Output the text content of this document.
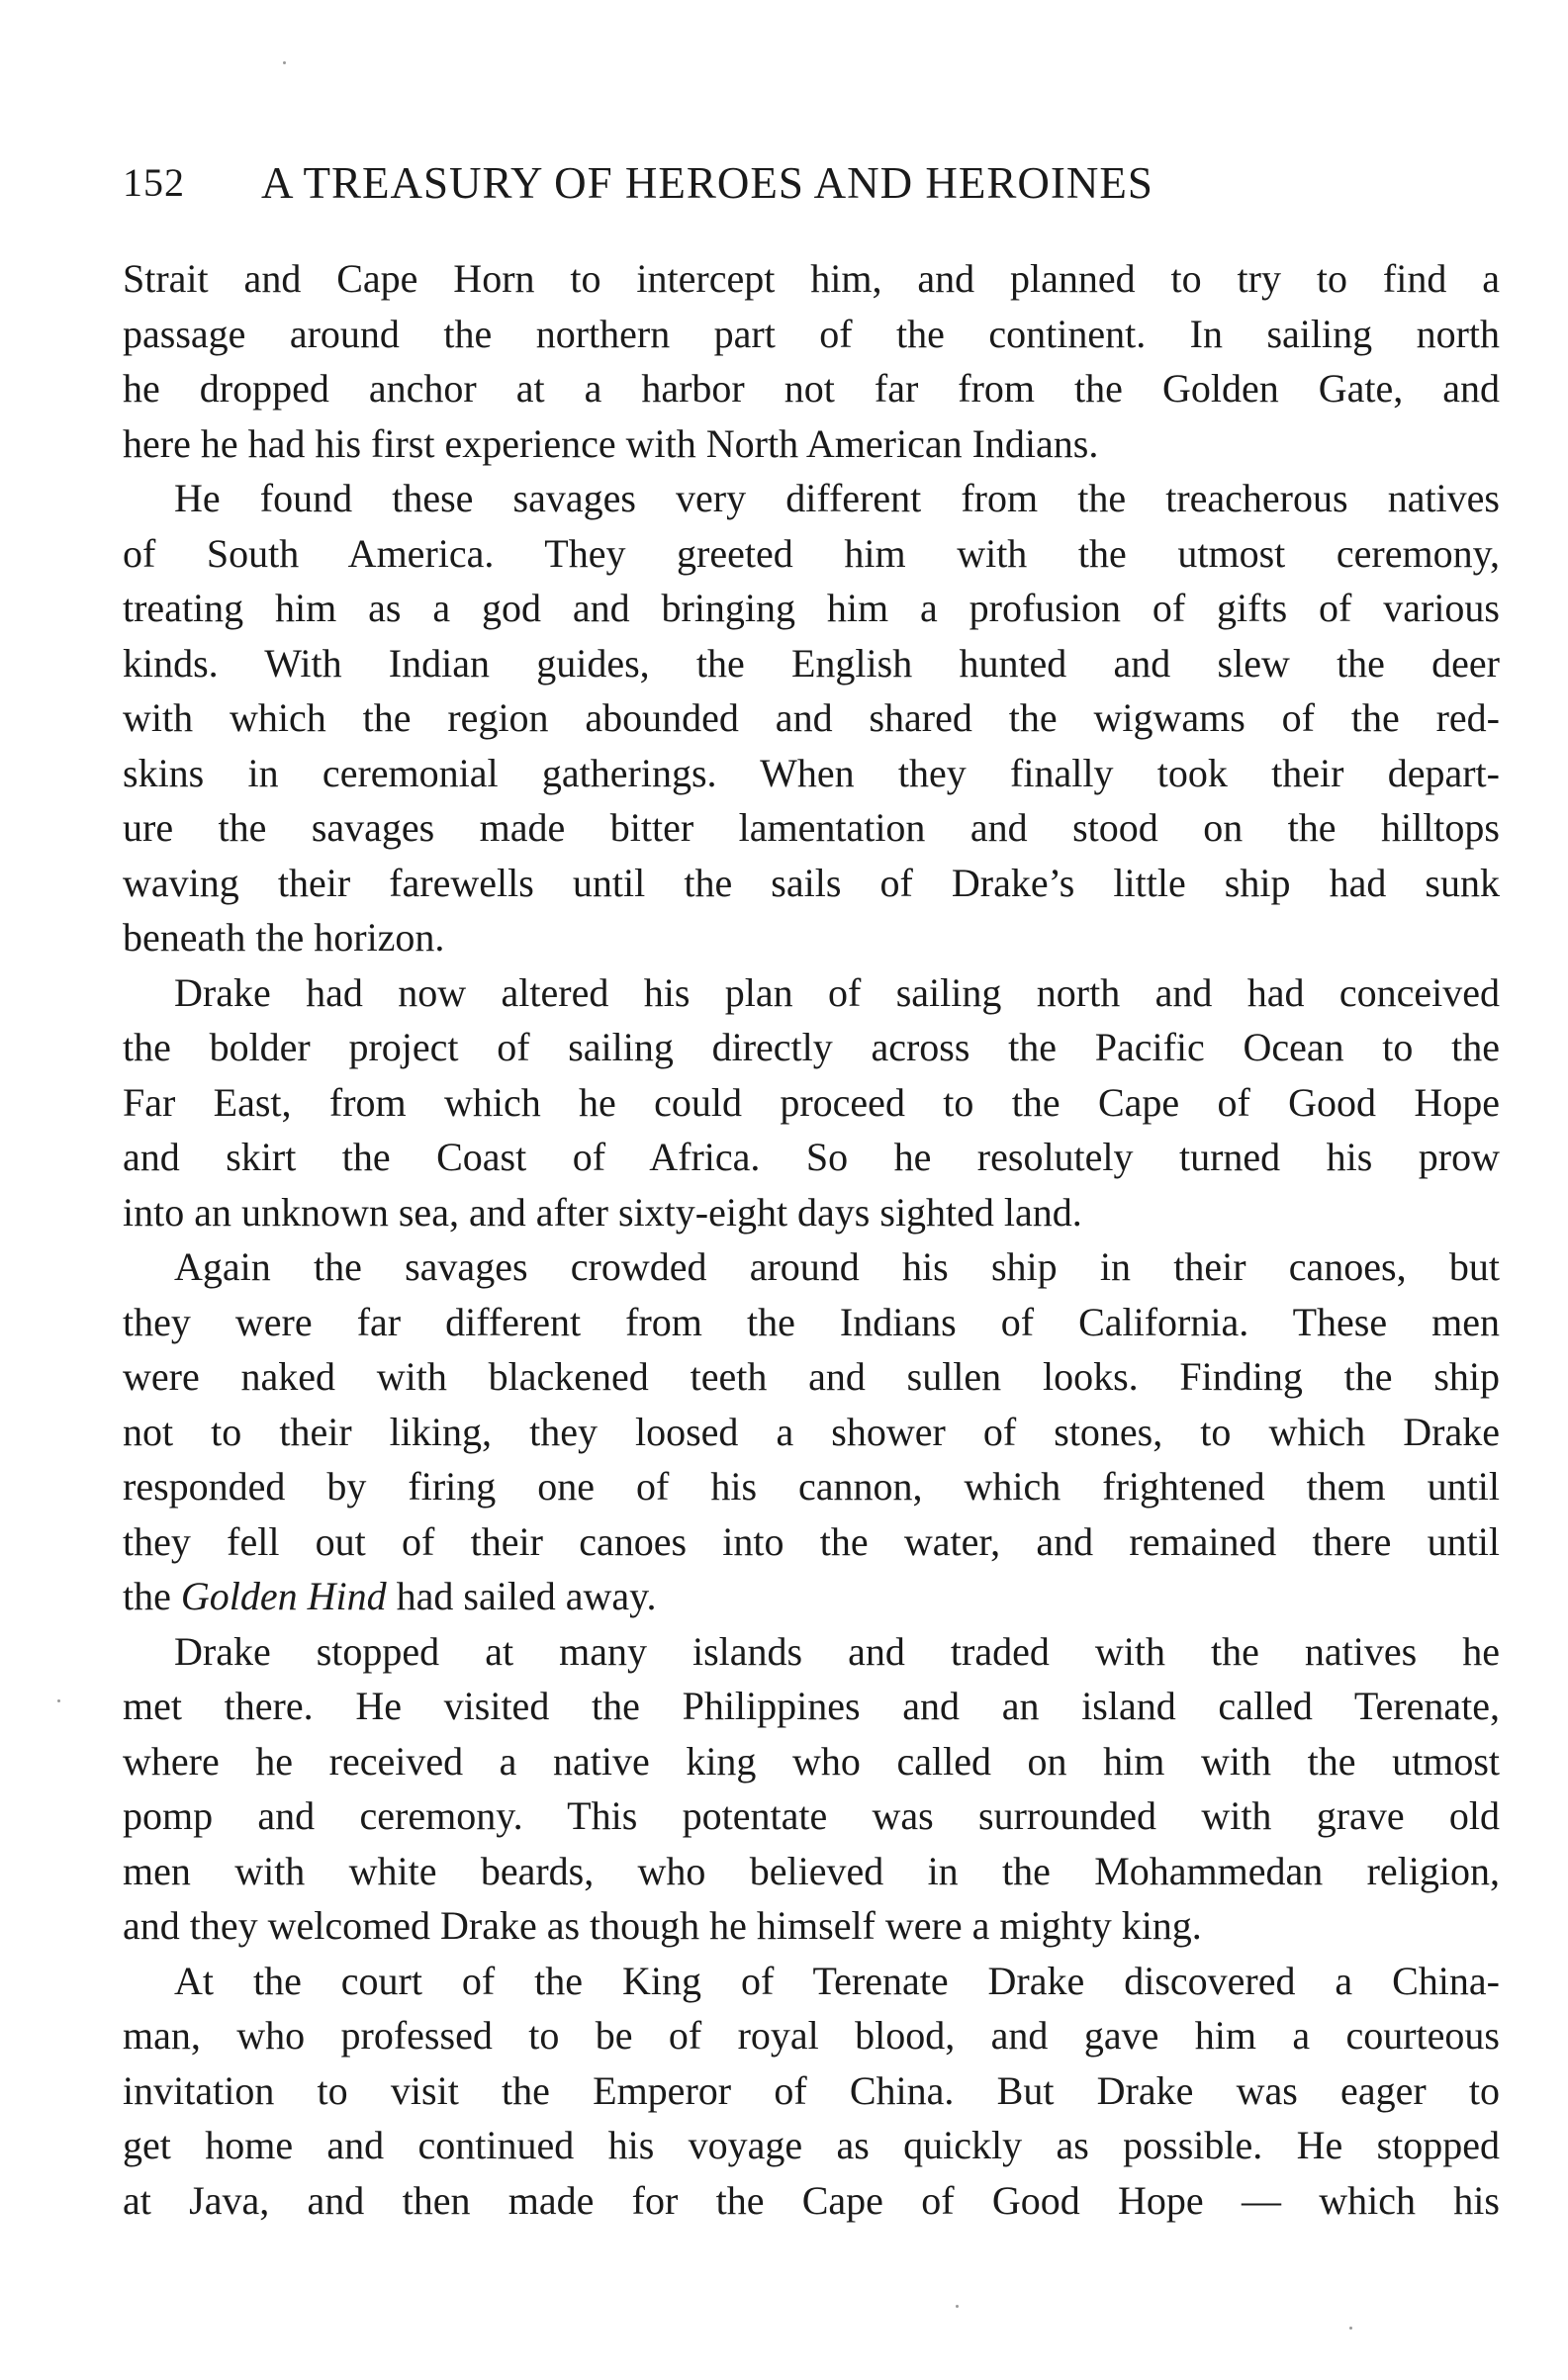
152 A TREASURY OF HEROES AND HEROINES

Strait and Cape Horn to intercept him, and planned to try to find a
passage around the northern part of the continent. In sailing north
he dropped anchor at a harbor not far from the Golden Gate, and
here he had his first experience with North American Indians.

He found these savages very different from the treacherous natives
of South America. They greeted him with the utmost ceremony,
treating him as a god and bringing him a profusion of gifts of various
kinds. With Indian guides, the English hunted and slew the deer
with which the region abounded and shared the wigwams of the red-
skins in ceremonial gatherings. When they finally took their depart-
ure the savages made bitter lamentation and stood on the hilltops
waving their farewells until the sails of Drake’s little ship had sunk
beneath the horizon.

Drake had now altered his plan of sailing north and had conceived
the bolder project of sailing directly across the Pacific Ocean to the
Far East, from which he could proceed to the Cape of Good Hope
and skirt the Coast of Africa. So he resolutely turned his prow
into an unknown sea, and after sixty-eight days sighted land.

Again the savages crowded around his ship in their canoes, but
they were far different from the Indians of California. These men
were naked with blackened teeth and sullen looks. Finding the ship
not to their liking, they loosed a shower of stones, to which Drake
responded by firing one of his cannon, which frightened them until
they fell out of their canoes into the water, and remained there until
the Golden Hind had sailed away.

Drake stopped at many islands and traded with the natives he
met there. He visited the Philippines and an island called Terenate,
where he received a native king who called on him with the utmost
pomp and ceremony. This potentate was surrounded with grave old
men with white beards, who believed in the Mohammedan religion,
and they welcomed Drake as though he himself were a mighty king.

At the court of the King of Terenate Drake discovered a China-
man, who professed to be of royal blood, and gave him a courteous
invitation to visit the Emperor of China. But Drake was eager to
get home and continued his voyage as quickly as possible. He stopped
at Java, and then made for the Cape of Good Hope — which his
